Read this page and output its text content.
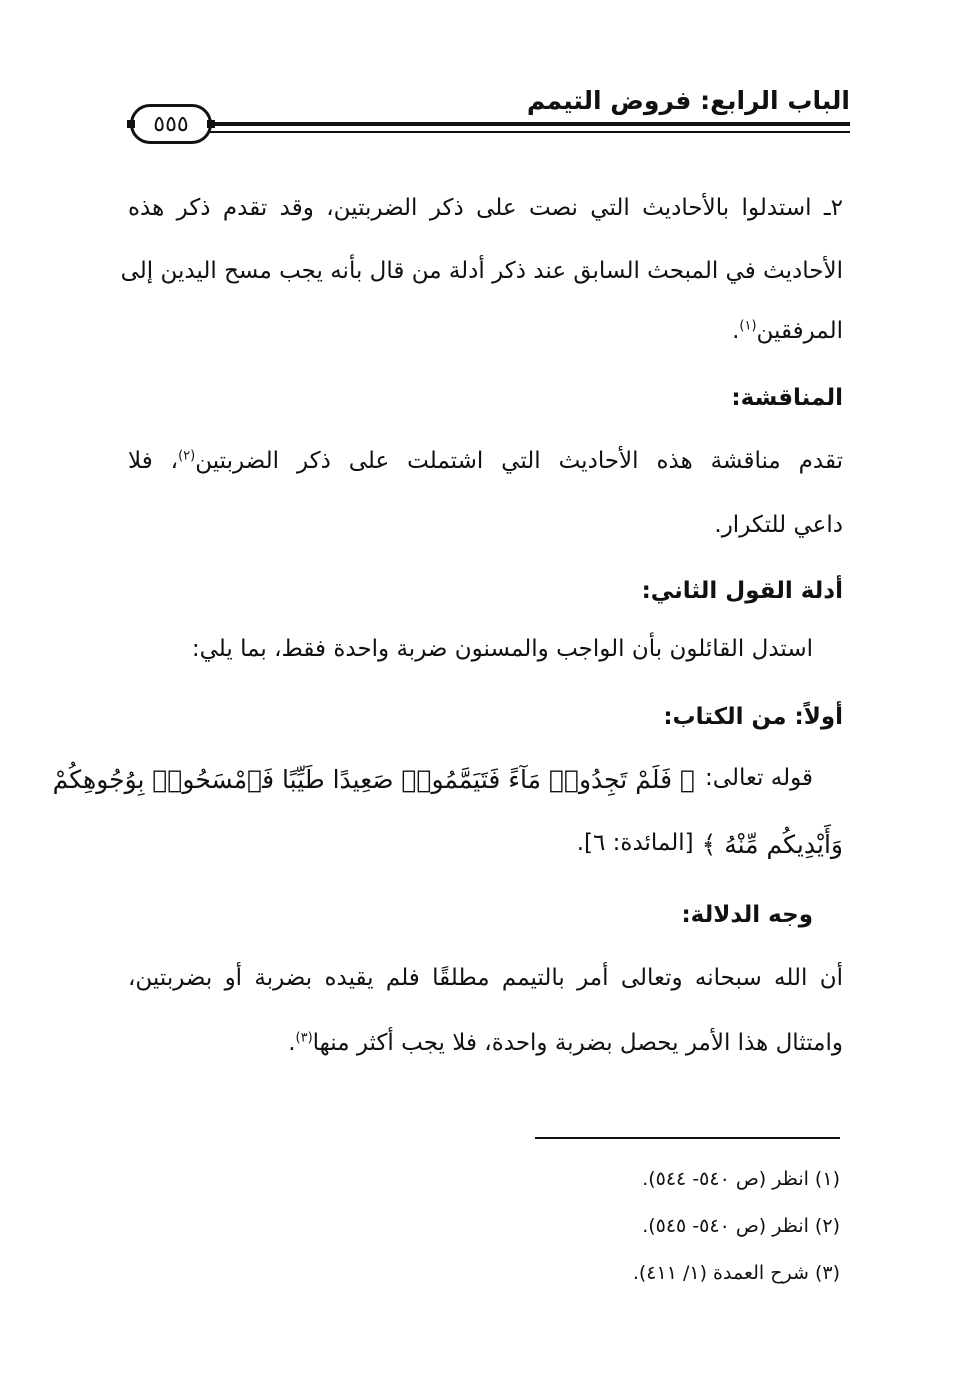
الباب الرابع: فروض التيمم
٥٥٥
٢ـ استدلوا بالأحاديث التي نصت على ذكر الضربتين، وقد تقدم ذكر هذه
الأحاديث في المبحث السابق عند ذكر أدلة من قال بأنه يجب مسح اليدين إلى
المرفقين$^{(١)}$.
المناقشة:
تقدم مناقشة هذه الأحاديث التي اشتملت على ذكر الضربتين$^{(٢)}$، فلا
داعي للتكرار.
أدلة القول الثاني:
استدل القائلون بأن الواجب والمسنون ضربة واحدة فقط، بما يلي:
أولاً: من الكتاب:
قوله تعالى:
﴿ فَلَمْ تَجِدُوا۟ مَآءً فَتَيَمَّمُوا۟ صَعِيدًا طَيِّبًا فَٱمْسَحُوا۟ بِوُجُوهِكُمْ
وَأَيْدِيكُم مِّنْهُ ﴾
[المائدة: ٦].
وجه الدلالة:
أن الله سبحانه وتعالى أمر بالتيمم مطلقًا فلم يقيده بضربة أو بضربتين،
وامتثال هذا الأمر يحصل بضربة واحدة، فلا يجب أكثر منها$^{(٣)}$.
(١) انظر (ص ٥٤٠- ٥٤٤).
(٢) انظر (ص ٥٤٠- ٥٤٥).
(٣) شرح العمدة (١/ ٤١١).
